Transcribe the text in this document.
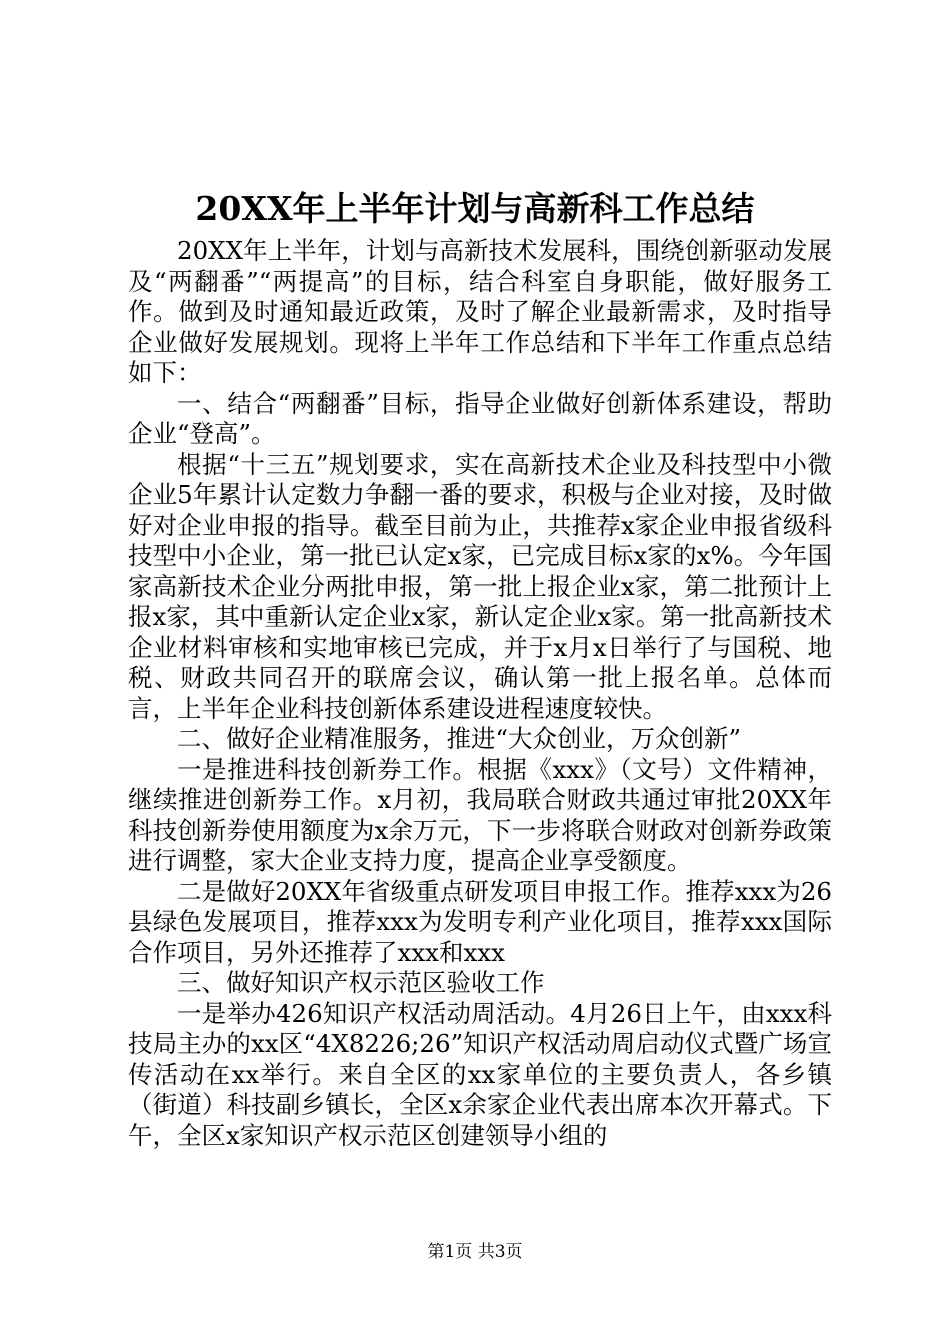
20XX年上半年计划与高新科工作总结

20XX年上半年，计划与高新技术发展科，围绕创新驱动发展及“两翻番”“两提高”的目标，结合科室自身职能，做好服务工作。做到及时通知最近政策，及时了解企业最新需求，及时指导企业做好发展规划。现将上半年工作总结和下半年工作重点总结如下：

一、结合“两翻番”目标，指导企业做好创新体系建设，帮助企业“登高”。

根据“十三五”规划要求，实在高新技术企业及科技型中小微企业5年累计认定数力争翻一番的要求，积极与企业对接，及时做好对企业申报的指导。截至目前为止，共推荐x家企业申报省级科技型中小企业，第一批已认定x家，已完成目标x家的x%。今年国家高新技术企业分两批申报，第一批上报企业x家，第二批预计上报x家，其中重新认定企业x家，新认定企业x家。第一批高新技术企业材料审核和实地审核已完成，并于x月x日举行了与国税、地税、财政共同召开的联席会议，确认第一批上报名单。总体而言，上半年企业科技创新体系建设进程速度较快。

二、做好企业精准服务，推进“大众创业，万众创新”

一是推进科技创新券工作。根据《xxx》（文号）文件精神，继续推进创新券工作。x月初，我局联合财政共通过审批20XX年科技创新券使用额度为x余万元，下一步将联合财政对创新券政策进行调整，家大企业支持力度，提高企业享受额度。

二是做好20XX年省级重点研发项目申报工作。推荐xxx为26县绿色发展项目，推荐xxx为发明专利产业化项目，推荐xxx国际合作项目，另外还推荐了xxx和xxx

三、做好知识产权示范区验收工作

一是举办426知识产权活动周活动。4月26日上午，由xxx科技局主办的xx区“4X8226;26”知识产权活动周启动仪式暨广场宣传活动在xx举行。来自全区的xx家单位的主要负责人，各乡镇（街道）科技副乡镇长，全区x余家企业代表出席本次开幕式。下午，全区x家知识产权示范区创建领导小组的

第1页 共3页
